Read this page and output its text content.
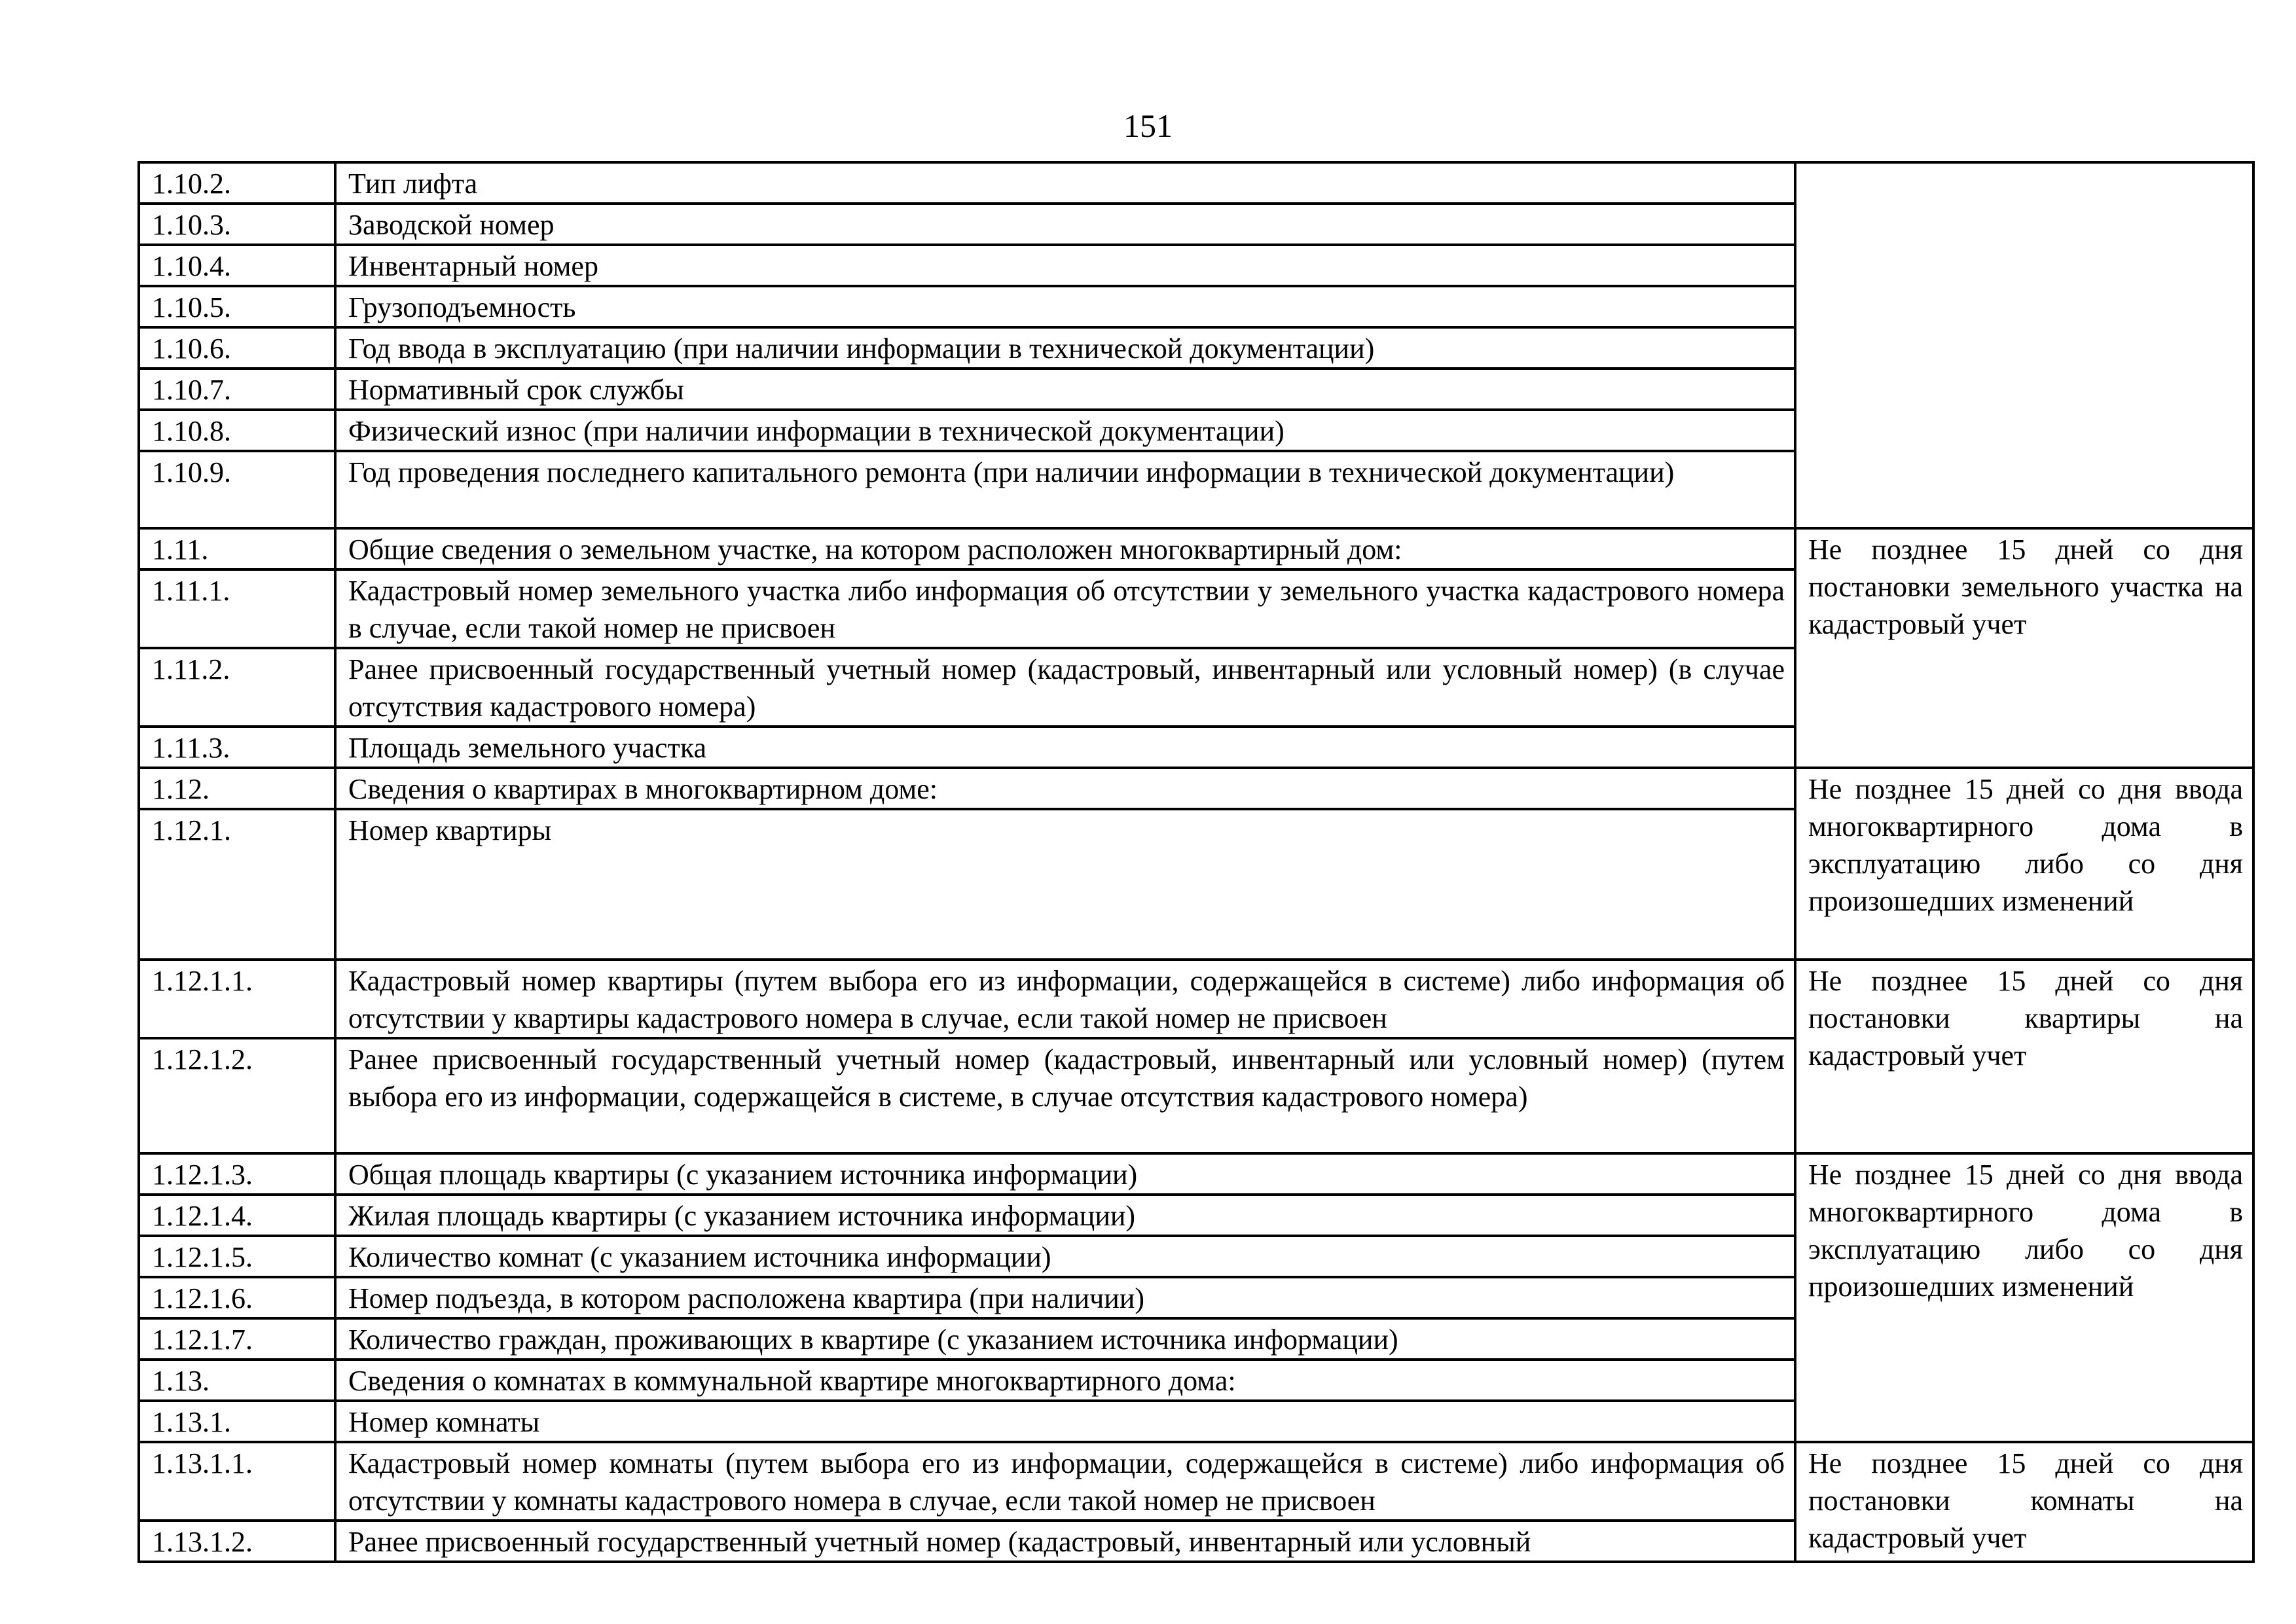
151
1.10.2.	Тип лифта	
1.10.3.	Заводской номер	
1.10.4.	Инвентарный номер	
1.10.5.	Грузоподъемность	
1.10.6.	Год ввода в эксплуатацию (при наличии информации в технической документации)	
1.10.7.	Нормативный срок службы	
1.10.8.	Физический износ (при наличии информации в технической документации)	
1.10.9.	Год проведения последнего капитального ремонта (при наличии информации в технической документации)	
1.11.	Общие сведения о земельном участке, на котором расположен многоквартирный дом:	Не позднее 15 дней со дня постановки земельного участка на кадастровый учет
1.11.1.	Кадастровый номер земельного участка либо информация об отсутствии у земельного участка кадастрового номера в случае, если такой номер не присвоен	
1.11.2.	Ранее присвоенный государственный учетный номер (кадастровый, инвентарный или условный номер) (в случае отсутствия кадастрового номера)	
1.11.3.	Площадь земельного участка	
1.12.	Сведения о квартирах в многоквартирном доме:	Не позднее 15 дней со дня ввода многоквартирного дома в эксплуатацию либо со дня произошедших изменений
1.12.1.	Номер квартиры	
1.12.1.1.	Кадастровый номер квартиры (путем выбора его из информации, содержащейся в системе) либо информация об отсутствии у квартиры кадастрового номера в случае, если такой номер не присвоен	Не позднее 15 дней со дня постановки квартиры на кадастровый учет
1.12.1.2.	Ранее присвоенный государственный учетный номер (кадастровый, инвентарный или условный номер) (путем выбора его из информации, содержащейся в системе, в случае отсутствия кадастрового номера)	
1.12.1.3.	Общая площадь квартиры (с указанием источника информации)	Не позднее 15 дней со дня ввода многоквартирного дома в эксплуатацию либо со дня произошедших изменений
1.12.1.4.	Жилая площадь квартиры (с указанием источника информации)	
1.12.1.5.	Количество комнат (с указанием источника информации)	
1.12.1.6.	Номер подъезда, в котором расположена квартира (при наличии)	
1.12.1.7.	Количество граждан, проживающих в квартире (с указанием источника информации)	
1.13.	Сведения о комнатах в коммунальной квартире многоквартирного дома:	
1.13.1.	Номер комнаты	
1.13.1.1.	Кадастровый номер комнаты (путем выбора его из информации, содержащейся в системе) либо информация об отсутствии у комнаты кадастрового номера в случае, если такой номер не присвоен	Не позднее 15 дней со дня постановки комнаты на кадастровый учет
1.13.1.2.	Ранее присвоенный государственный учетный номер (кадастровый, инвентарный или условный	
